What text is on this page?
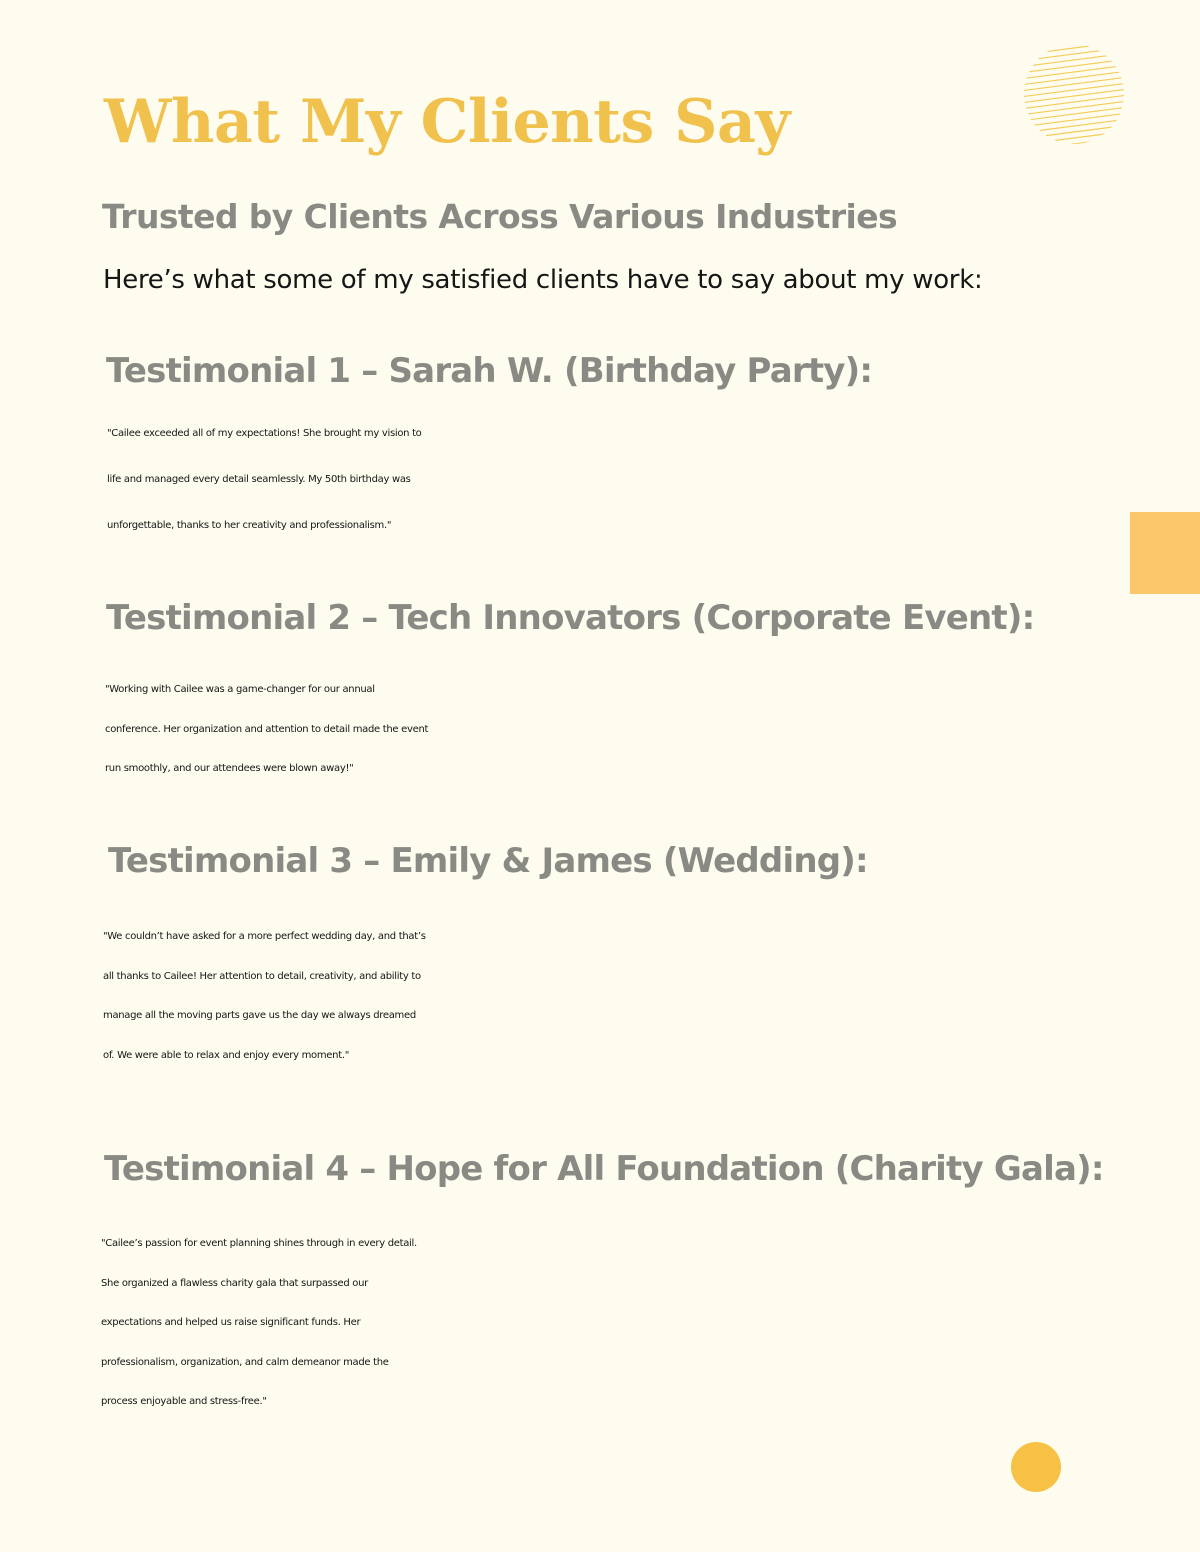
What My Clients Say
Trusted by Clients Across Various Industries

Here’s what some of my satisfied clients have to say about my work:

Testimonial 1 – Sarah W. (Birthday Party):
"Cailee exceeded all of my expectations! She brought my vision to
life and managed every detail seamlessly. My 50th birthday was
unforgettable, thanks to her creativity and professionalism."
Testimonial 2 – Tech Innovators (Corporate Event):
"Working with Cailee was a game-changer for our annual
conference. Her organization and attention to detail made the event
run smoothly, and our attendees were blown away!"
Testimonial 3 – Emily & James (Wedding):
"We couldn’t have asked for a more perfect wedding day, and that’s
all thanks to Cailee! Her attention to detail, creativity, and ability to
manage all the moving parts gave us the day we always dreamed
of. We were able to relax and enjoy every moment."
Testimonial 4 – Hope for All Foundation (Charity Gala):
"Cailee’s passion for event planning shines through in every detail.
She organized a flawless charity gala that surpassed our
expectations and helped us raise significant funds. Her
professionalism, organization, and calm demeanor made the
process enjoyable and stress-free."
